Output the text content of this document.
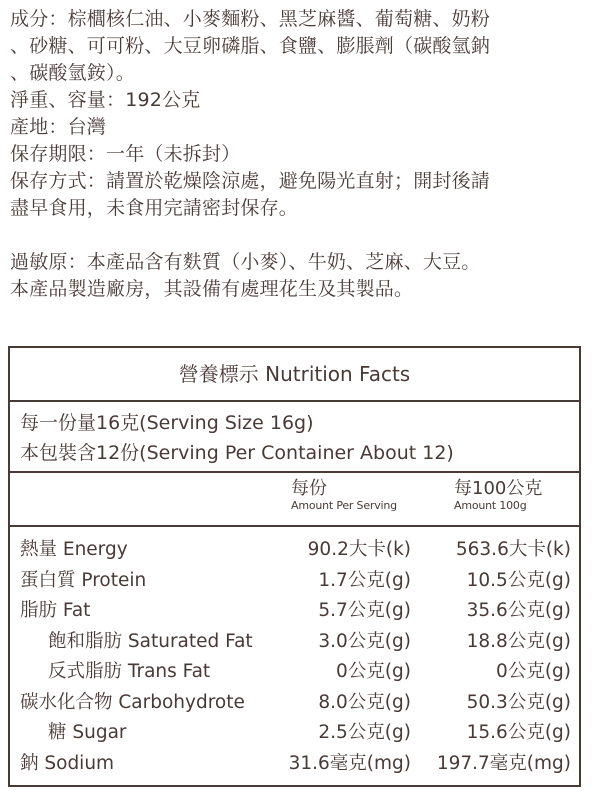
成分：棕櫚核仁油、小麥麵粉、黑芝麻醬、葡萄糖、奶粉

、砂糖、可可粉、大豆卵磷脂、食鹽、膨脹劑（碳酸氫鈉

、碳酸氫銨）。

淨重、容量：192公克

產地：台灣

保存期限：一年（未拆封）

保存方式：請置於乾燥陰涼處，避免陽光直射；開封後請

盡早食用，未食用完請密封保存。

過敏原：本產品含有麩質（小麥）、牛奶、芝麻、大豆。

本產品製造廠房，其設備有處理花生及其製品。

營養標示 Nutrition Facts

每一份量16克(Serving Size 16g)

本包裝含12份(Serving Per Container About 12)

每份
Amount Per Serving
每100公克
Amount 100g
熱量 Energy	90.2大卡(k) 563.6大卡(k)
蛋白質 Protein	1.7公克(g)	10.5公克(g)
脂肪 Fat	5.7公克(g)	35.6公克(g)
飽和脂肪 Saturated Fat	3.0公克(g)	18.8公克(g)
反式脂肪 Trans Fat	0公克(g)	0公克(g)
碳水化合物 Carbohydrote	8.0公克(g)	50.3公克(g)
糖 Sugar	2.5公克(g)	15.6公克(g)
鈉 Sodium	31.6毫克(mg) 197.7毫克(mg)
